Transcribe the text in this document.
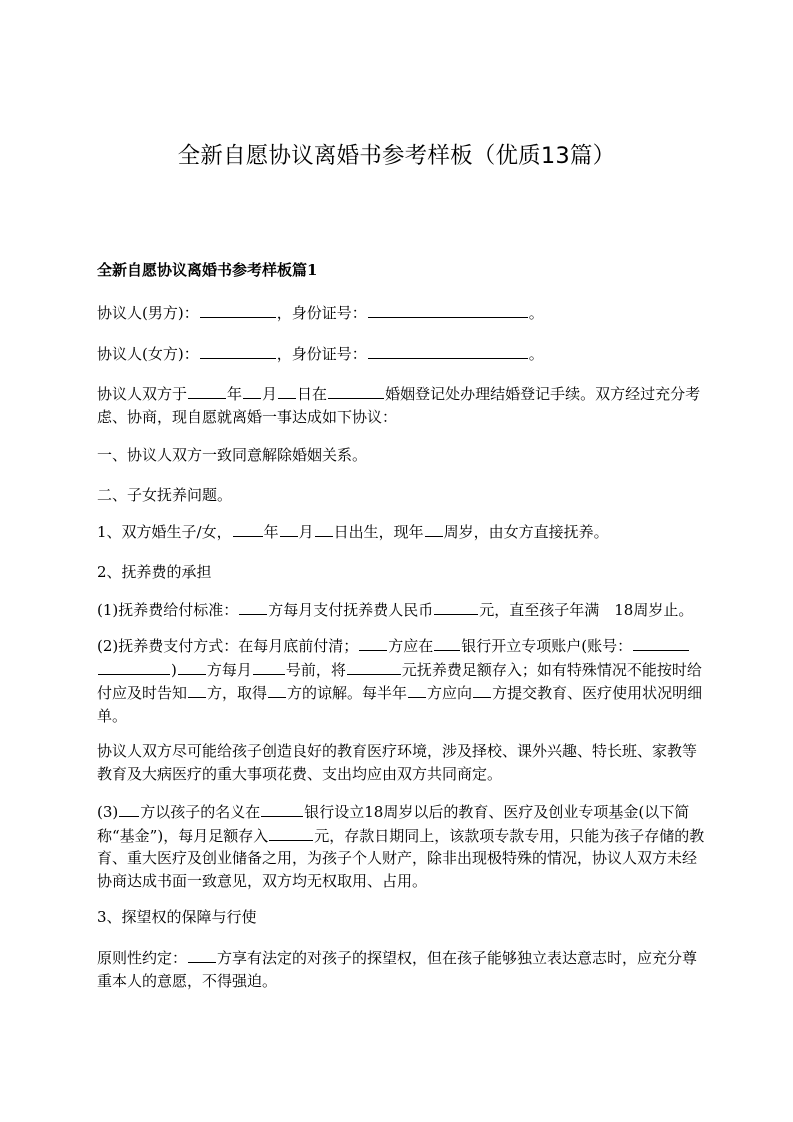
全新自愿协议离婚书参考样板（优质13篇）
全新自愿协议离婚书参考样板篇1
协议人(男方)：	，身份证号：	。
协议人(女方)：	，身份证号：	。
协议人双方于	年 月 日在	婚姻登记处办理结婚登记手续。双方经过充分考虑、协商，现自愿就离婚一事达成如下协议：
一、协议人双方一致同意解除婚姻关系。
二、子女抚养问题。
1、双方婚生子/女， 年 月 日出生，现年 周岁，由女方直接抚养。
2、抚养费的承担
(1)抚养费给付标准： 方每月支付抚养费人民币	元，直至孩子年满　18周岁止。
(2)抚养费支付方式：在每月底前付清； 方应在 银行开立专项账户(账号：) 方每月 号前，将	元抚养费足额存入；如有特殊情况不能按时给付应及时告知 方，取得 方的谅解。每半年 方应向 方提交教育、医疗使用状况明细单。
协议人双方尽可能给孩子创造良好的教育医疗环境，涉及择校、课外兴趣、特长班、家教等教育及大病医疗的重大事项花费、支出均应由双方共同商定。
(3) 方以孩子的名义在	银行设立18周岁以后的教育、医疗及创业专项基金(以下简称“基金”)，每月足额存入	元，存款日期同上，该款项专款专用，只能为孩子存储的教育、重大医疗及创业储备之用，为孩子个人财产，除非出现极特殊的情况，协议人双方未经协商达成书面一致意见，双方均无权取用、占用。
3、探望权的保障与行使
原则性约定： 方享有法定的对孩子的探望权，但在孩子能够独立表达意志时，应充分尊重本人的意愿，不得强迫。
